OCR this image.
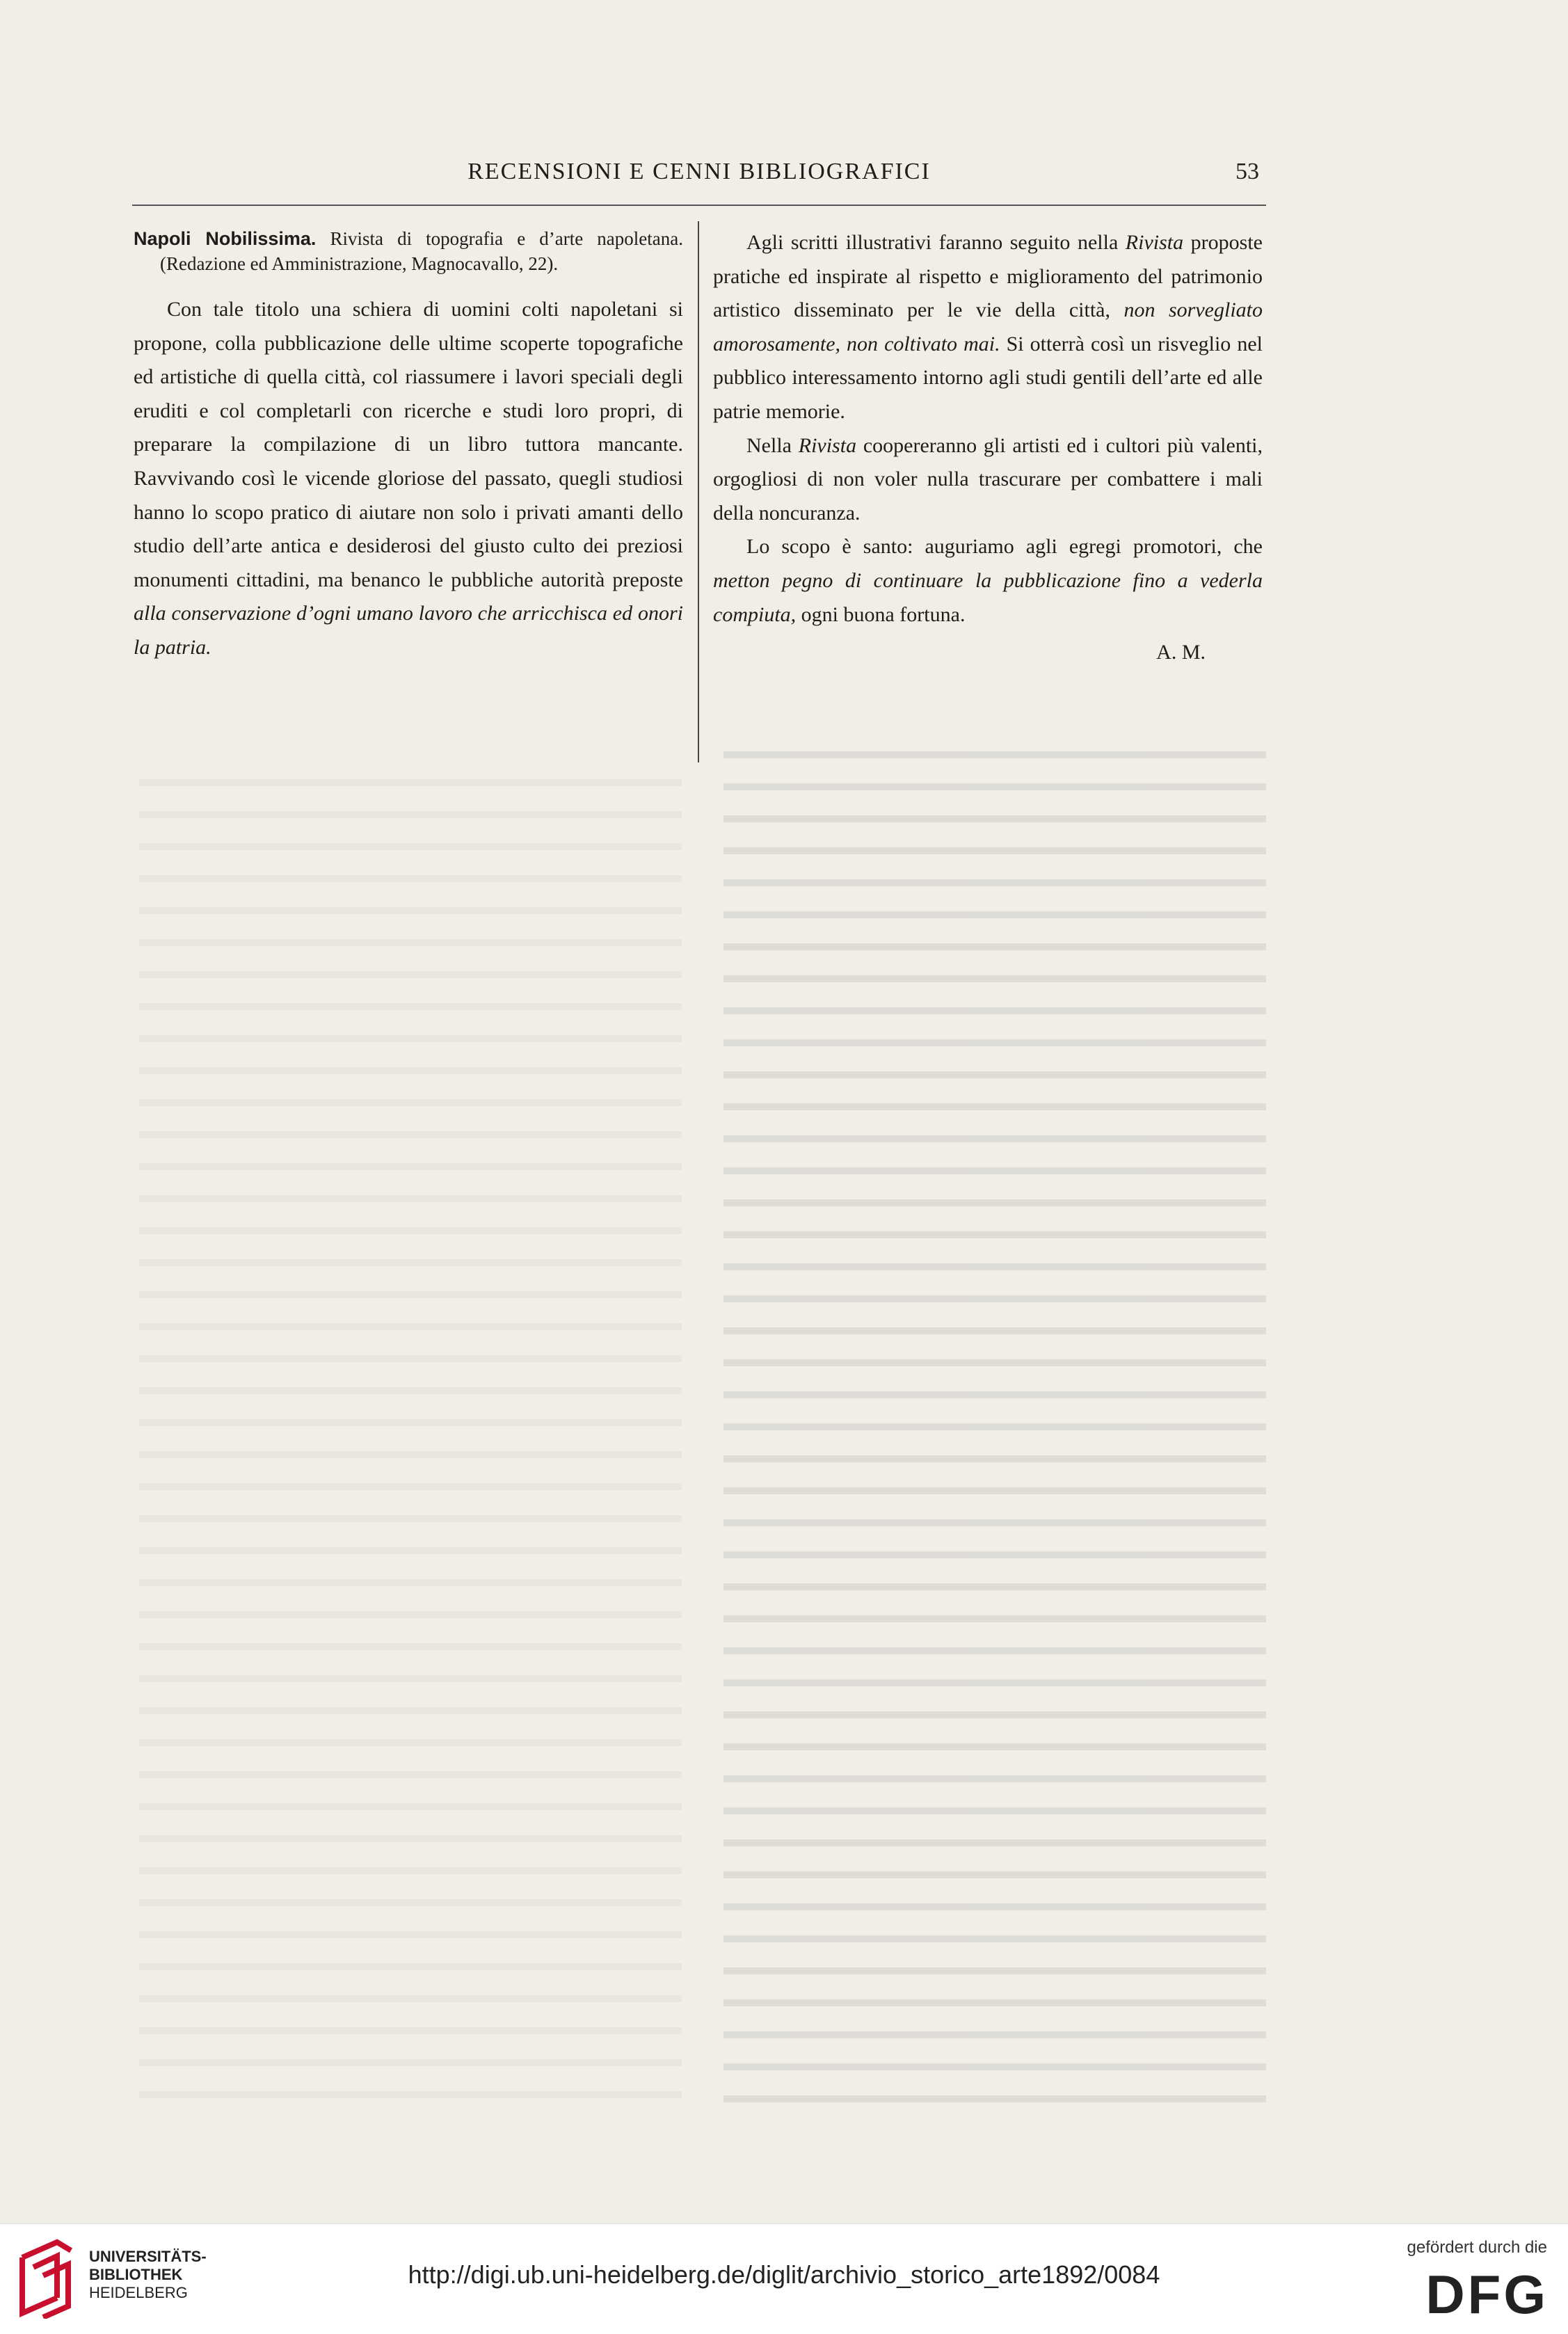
RECENSIONI E CENNI BIBLIOGRAFICI	53

Napoli Nobilissima. Rivista di topografia e d’arte napoletana. (Redazione ed Amministrazione, Magnocavallo, 22).

Con tale titolo una schiera di uomini colti napoletani si propone, colla pubblicazione delle ultime scoperte topografiche ed artistiche di quella città, col riassumere i lavori speciali degli eruditi e col completarli con ricerche e studi loro propri, di preparare la compilazione di un libro tuttora mancante. Ravvivando così le vicende gloriose del passato, quegli studiosi hanno lo scopo pratico di aiutare non solo i privati amanti dello studio dell’arte antica e desiderosi del giusto culto dei preziosi monumenti cittadini, ma benanco le pubbliche autorità preposte alla conservazione d’ogni umano lavoro che arricchisca ed onori la patria.

Agli scritti illustrativi faranno seguito nella Rivista proposte pratiche ed inspirate al rispetto e miglioramento del patrimonio artistico disseminato per le vie della città, non sorvegliato amorosamente, non coltivato mai. Si otterrà così un risveglio nel pubblico interessamento intorno agli studi gentili dell’arte ed alle patrie memorie.

Nella Rivista coopereranno gli artisti ed i cultori più valenti, orgogliosi di non voler nulla trascurare per combattere i mali della noncuranza.

Lo scopo è santo: auguriamo agli egregi promotori, che metton pegno di continuare la pubblicazione fino a vederla compiuta, ogni buona fortuna.

A. M.

UNIVERSITÄTS-
BIBLIOTHEK
HEIDELBERG
http://digi.ub.uni-heidelberg.de/diglit/archivio_storico_arte1892/0084
gefördert durch die
DFG
